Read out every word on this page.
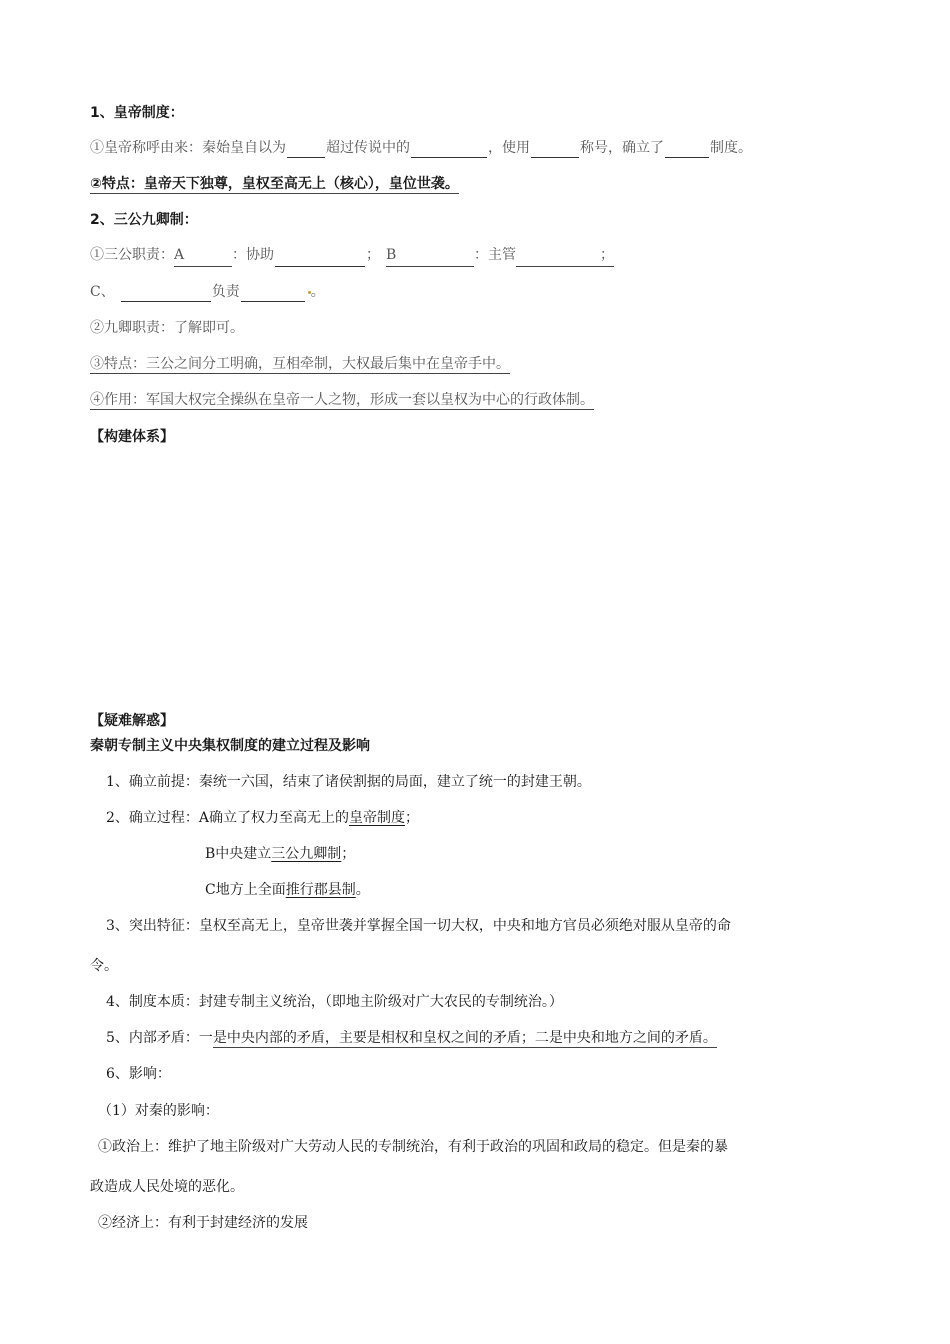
1、皇帝制度：
①皇帝称呼由来：秦始皇自以为	超过传说中的	，使用	称号，确立了	制度。
②特点：皇帝天下独尊，皇权至高无上（核心），皇位世袭。
2、三公九卿制：
①三公职责：A	：协助	； B	：主管	；
C、	负责	。
②九卿职责：了解即可。
③特点：三公之间分工明确，互相牵制，大权最后集中在皇帝手中。
④作用：军国大权完全操纵在皇帝一人之物，形成一套以皇权为中心的行政体制。
【构建体系】
【疑难解惑】
秦朝专制主义中央集权制度的建立过程及影响
1、确立前提：秦统一六国，结束了诸侯割据的局面，建立了统一的封建王朝。
2、确立过程：A确立了权力至高无上的皇帝制度；
B中央建立三公九卿制；
C地方上全面推行郡县制。
3、突出特征：皇权至高无上，皇帝世袭并掌握全国一切大权，中央和地方官员必须绝对服从皇帝的命
令。
4、制度本质：封建专制主义统治，（即地主阶级对广大农民的专制统治。）
5、内部矛盾：一是中央内部的矛盾，主要是相权和皇权之间的矛盾；二是中央和地方之间的矛盾。
6、影响：
（1）对秦的影响：
①政治上：维护了地主阶级对广大劳动人民的专制统治，有利于政治的巩固和政局的稳定。但是秦的暴
政造成人民处境的恶化。
②经济上：有利于封建经济的发展
